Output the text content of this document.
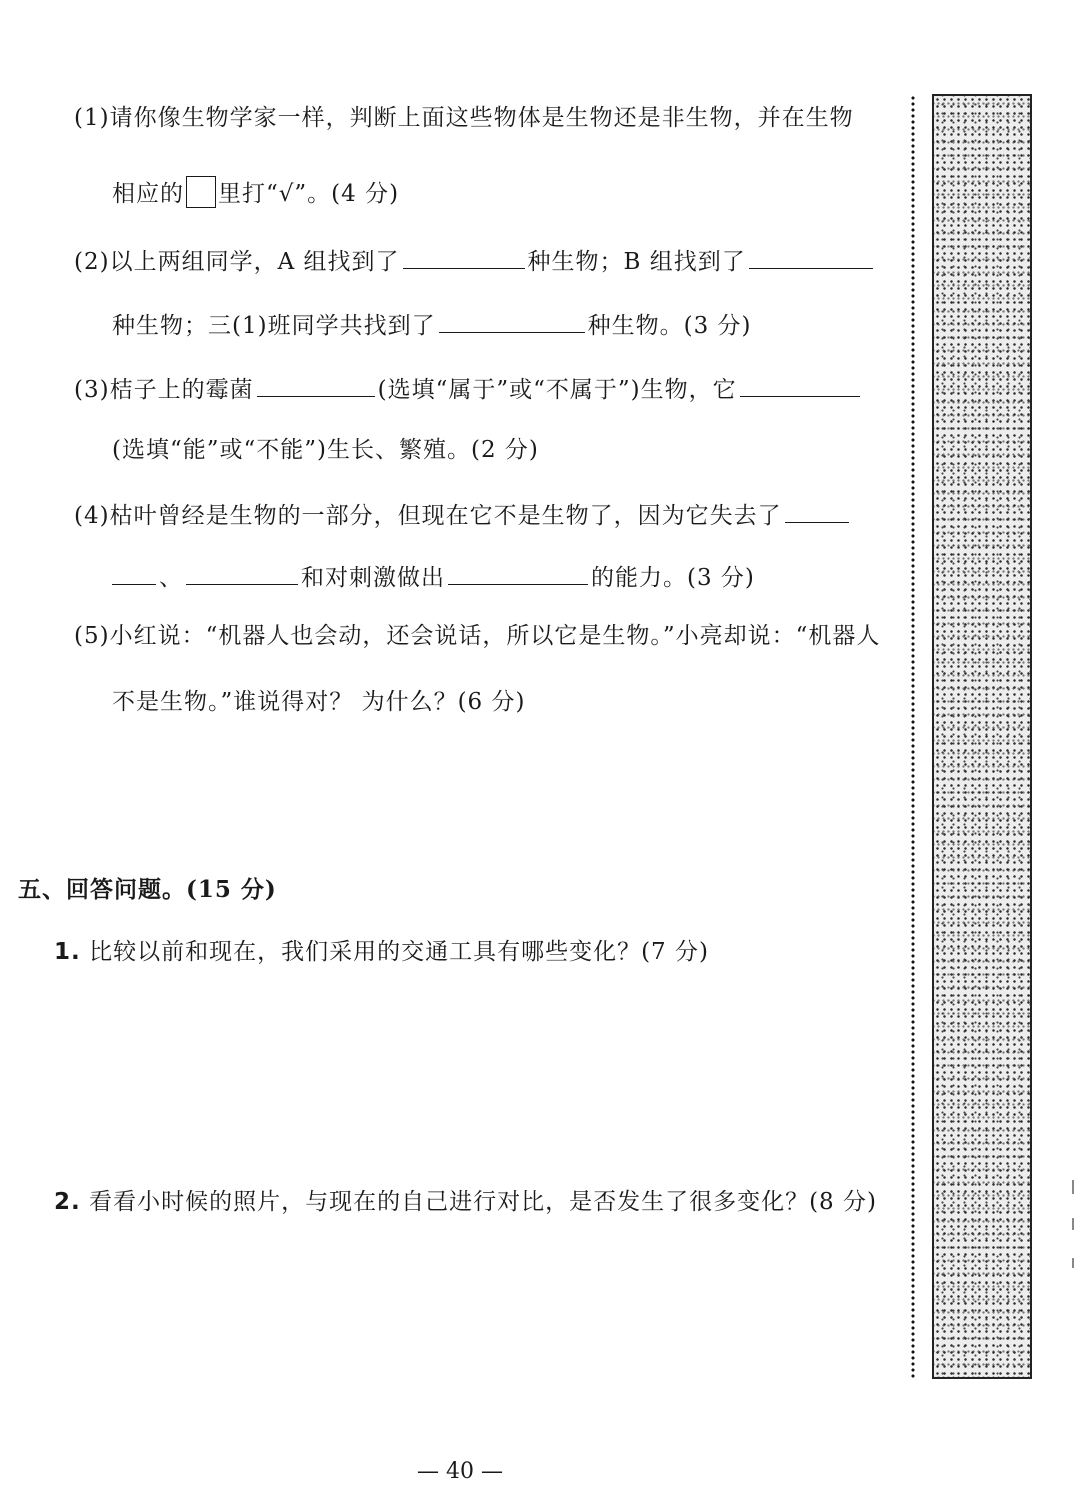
(1)请你像生物学家一样，判断上面这些物体是生物还是非生物，并在生物
相应的 里打“√”。(4 分)
(2)以上两组同学，A 组找到了	种生物；B 组找到了
种生物；三(1)班同学共找到了	种生物。(3 分)
(3)桔子上的霉菌	(选填“属于”或“不属于”)生物，它
(选填“能”或“不能”)生长、繁殖。(2 分)
(4)枯叶曾经是生物的一部分，但现在它不是生物了，因为它失去了
、	和对刺激做出	的能力。(3 分)
(5)小红说：“机器人也会动，还会说话，所以它是生物。”小亮却说：“机器人
不是生物。”谁说得对？ 为什么？(6 分)
五、回答问题。(15 分)
1. 比较以前和现在，我们采用的交通工具有哪些变化？(7 分)
2. 看看小时候的照片，与现在的自己进行对比，是否发生了很多变化？(8 分)
— 40 —
